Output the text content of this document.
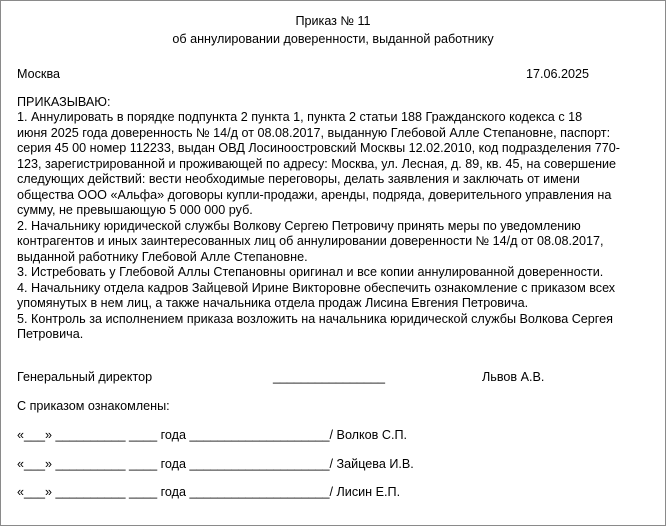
Приказ № 11
об аннулировании доверенности, выданной работнику
Москва	17.06.2025
ПРИКАЗЫВАЮ:
1. Аннулировать в порядке подпункта 2 пункта 1, пункта 2 статьи 188 Гражданского кодекса с 18
июня 2025 года доверенность № 14/д от 08.08.2017, выданную Глебовой Алле Степановне, паспорт:
серия 45 00 номер 112233, выдан ОВД Лосиноостровский Москвы 12.02.2010, код подразделения 770-
123, зарегистрированной и проживающей по адресу: Москва, ул. Лесная, д. 89, кв. 45, на совершение
следующих действий: вести необходимые переговоры, делать заявления и заключать от имени
общества ООО «Альфа» договоры купли-продажи, аренды, подряда, доверительного управления на
сумму, не превышающую 5 000 000 руб.
2. Начальнику юридической службы Волкову Сергею Петровичу принять меры по уведомлению
контрагентов и иных заинтересованных лиц об аннулировании доверенности № 14/д от 08.08.2017,
выданной работнику Глебовой Алле Степановне.
3. Истребовать у Глебовой Аллы Степановны оригинал и все копии аннулированной доверенности.
4. Начальнику отдела кадров Зайцевой Ирине Викторовне обеспечить ознакомление с приказом всех
упомянутых в нем лиц, а также начальника отдела продаж Лисина Евгения Петровича.
5. Контроль за исполнением приказа возложить на начальника юридической службы Волкова Сергея
Петровича.
Генеральный директор	________________	Львов А.В.
С приказом ознакомлены:
«___» __________ ____ года ____________________/ Волков С.П.
«___» __________ ____ года ____________________/ Зайцева И.В.
«___» __________ ____ года ____________________/ Лисин Е.П.
